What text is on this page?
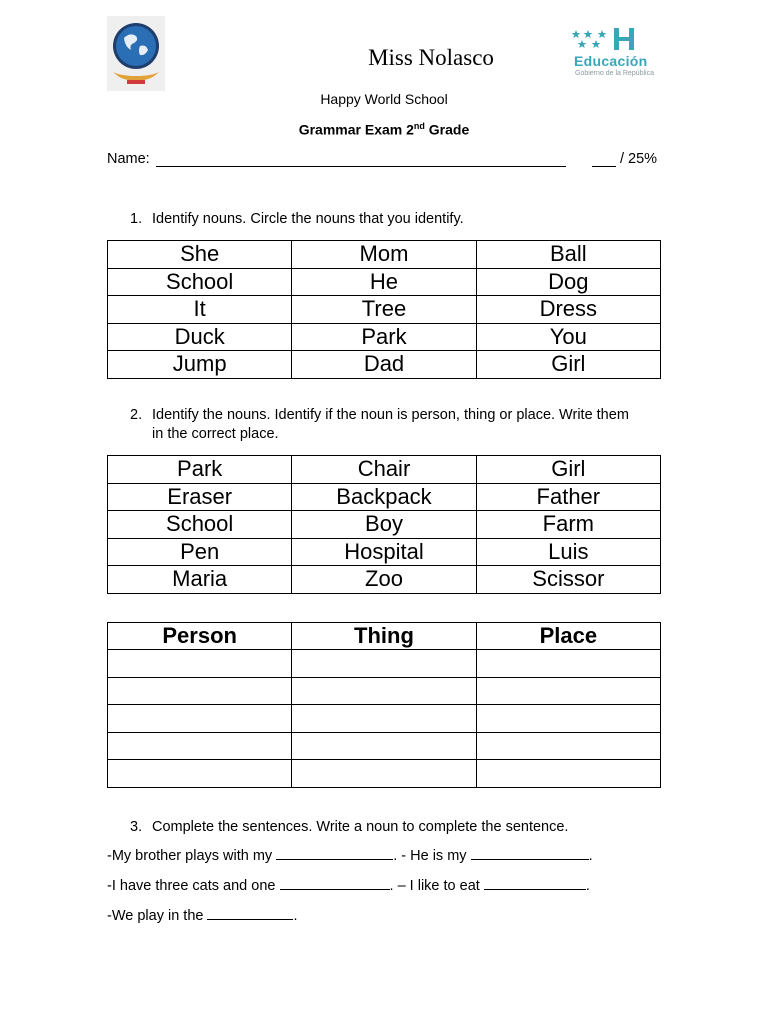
Educación
Gobierno de la República
Miss Nolasco
Happy World School
Grammar Exam 2nd Grade
Name:	/ 25%
1. Identify nouns. Circle the nouns that you identify.
She	Mom	Ball
School	He	Dog
It	Tree	Dress
Duck	Park	You
Jump	Dad	Girl
2. Identify the nouns. Identify if the noun is person, thing or place. Write them
in the correct place.
Park	Chair	Girl
Eraser	Backpack	Father
School	Boy	Farm
Pen	Hospital	Luis
Maria	Zoo	Scissor
Person	Thing	Place

3. Complete the sentences. Write a noun to complete the sentence.
-My brother plays with my	. - He is my	.
-I have three cats and one	. – I like to eat	.
-We play in the	.
